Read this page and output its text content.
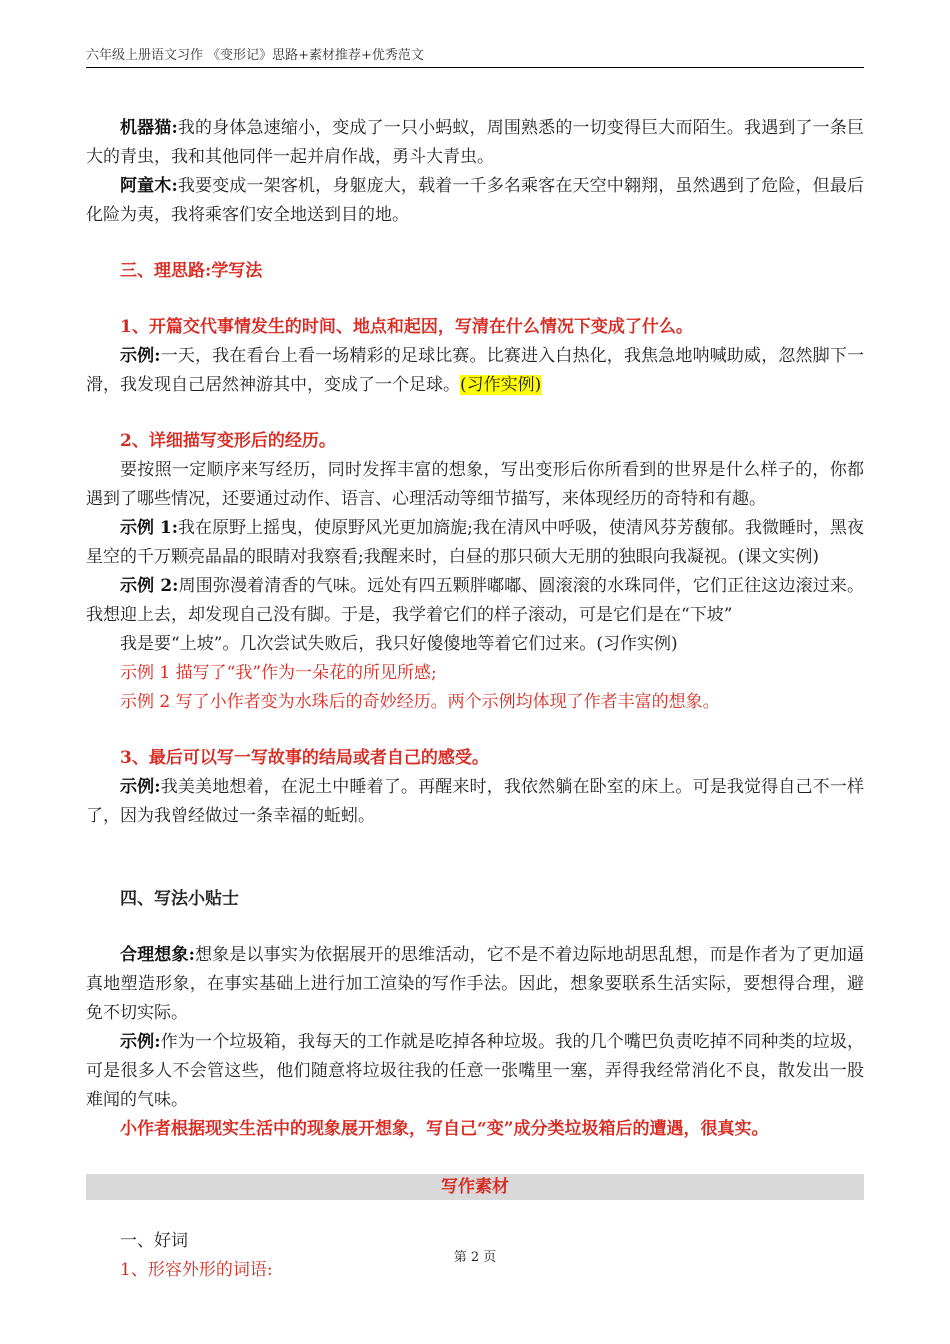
六年级上册语文习作 《变形记》思路+素材推荐+优秀范文

机器猫:我的身体急速缩小，变成了一只小蚂蚁，周围熟悉的一切变得巨大而陌生。我遇到了一条巨大的青虫，我和其他同伴一起并肩作战，勇斗大青虫。

阿童木:我要变成一架客机，身躯庞大，载着一千多名乘客在天空中翱翔，虽然遇到了危险，但最后化险为夷，我将乘客们安全地送到目的地。

三、理思路:学写法

1、开篇交代事情发生的时间、地点和起因，写清在什么情况下变成了什么。

示例:一天，我在看台上看一场精彩的足球比赛。比赛进入白热化，我焦急地呐喊助威，忽然脚下一滑，我发现自己居然神游其中，变成了一个足球。(习作实例)

2、详细描写变形后的经历。

要按照一定顺序来写经历，同时发挥丰富的想象，写出变形后你所看到的世界是什么样子的，你都遇到了哪些情况，还要通过动作、语言、心理活动等细节描写，来体现经历的奇特和有趣。

示例 1:我在原野上摇曳，使原野风光更加旖旎;我在清风中呼吸，使清风芬芳馥郁。我微睡时，黑夜星空的千万颗亮晶晶的眼睛对我察看;我醒来时，白昼的那只硕大无朋的独眼向我凝视。(课文实例)

示例 2:周围弥漫着清香的气味。远处有四五颗胖嘟嘟、圆滚滚的水珠同伴，它们正往这边滚过来。我想迎上去，却发现自己没有脚。于是，我学着它们的样子滚动，可是它们是在“下坡”

我是要“上坡”。几次尝试失败后，我只好傻傻地等着它们过来。(习作实例)

示例 1 描写了“我”作为一朵花的所见所感;

示例 2 写了小作者变为水珠后的奇妙经历。两个示例均体现了作者丰富的想象。

3、最后可以写一写故事的结局或者自己的感受。

示例:我美美地想着，在泥土中睡着了。再醒来时，我依然躺在卧室的床上。可是我觉得自己不一样了，因为我曾经做过一条幸福的蚯蚓。

四、写法小贴士

合理想象:想象是以事实为依据展开的思维活动，它不是不着边际地胡思乱想，而是作者为了更加逼真地塑造形象，在事实基础上进行加工渲染的写作手法。因此，想象要联系生活实际，要想得合理，避免不切实际。

示例:作为一个垃圾箱，我每天的工作就是吃掉各种垃圾。我的几个嘴巴负责吃掉不同种类的垃圾，可是很多人不会管这些，他们随意将垃圾往我的任意一张嘴里一塞，弄得我经常消化不良，散发出一股难闻的气味。

小作者根据现实生活中的现象展开想象，写自己“变”成分类垃圾箱后的遭遇，很真实。

写作素材

一、好词

1、形容外形的词语:

第 2 页
